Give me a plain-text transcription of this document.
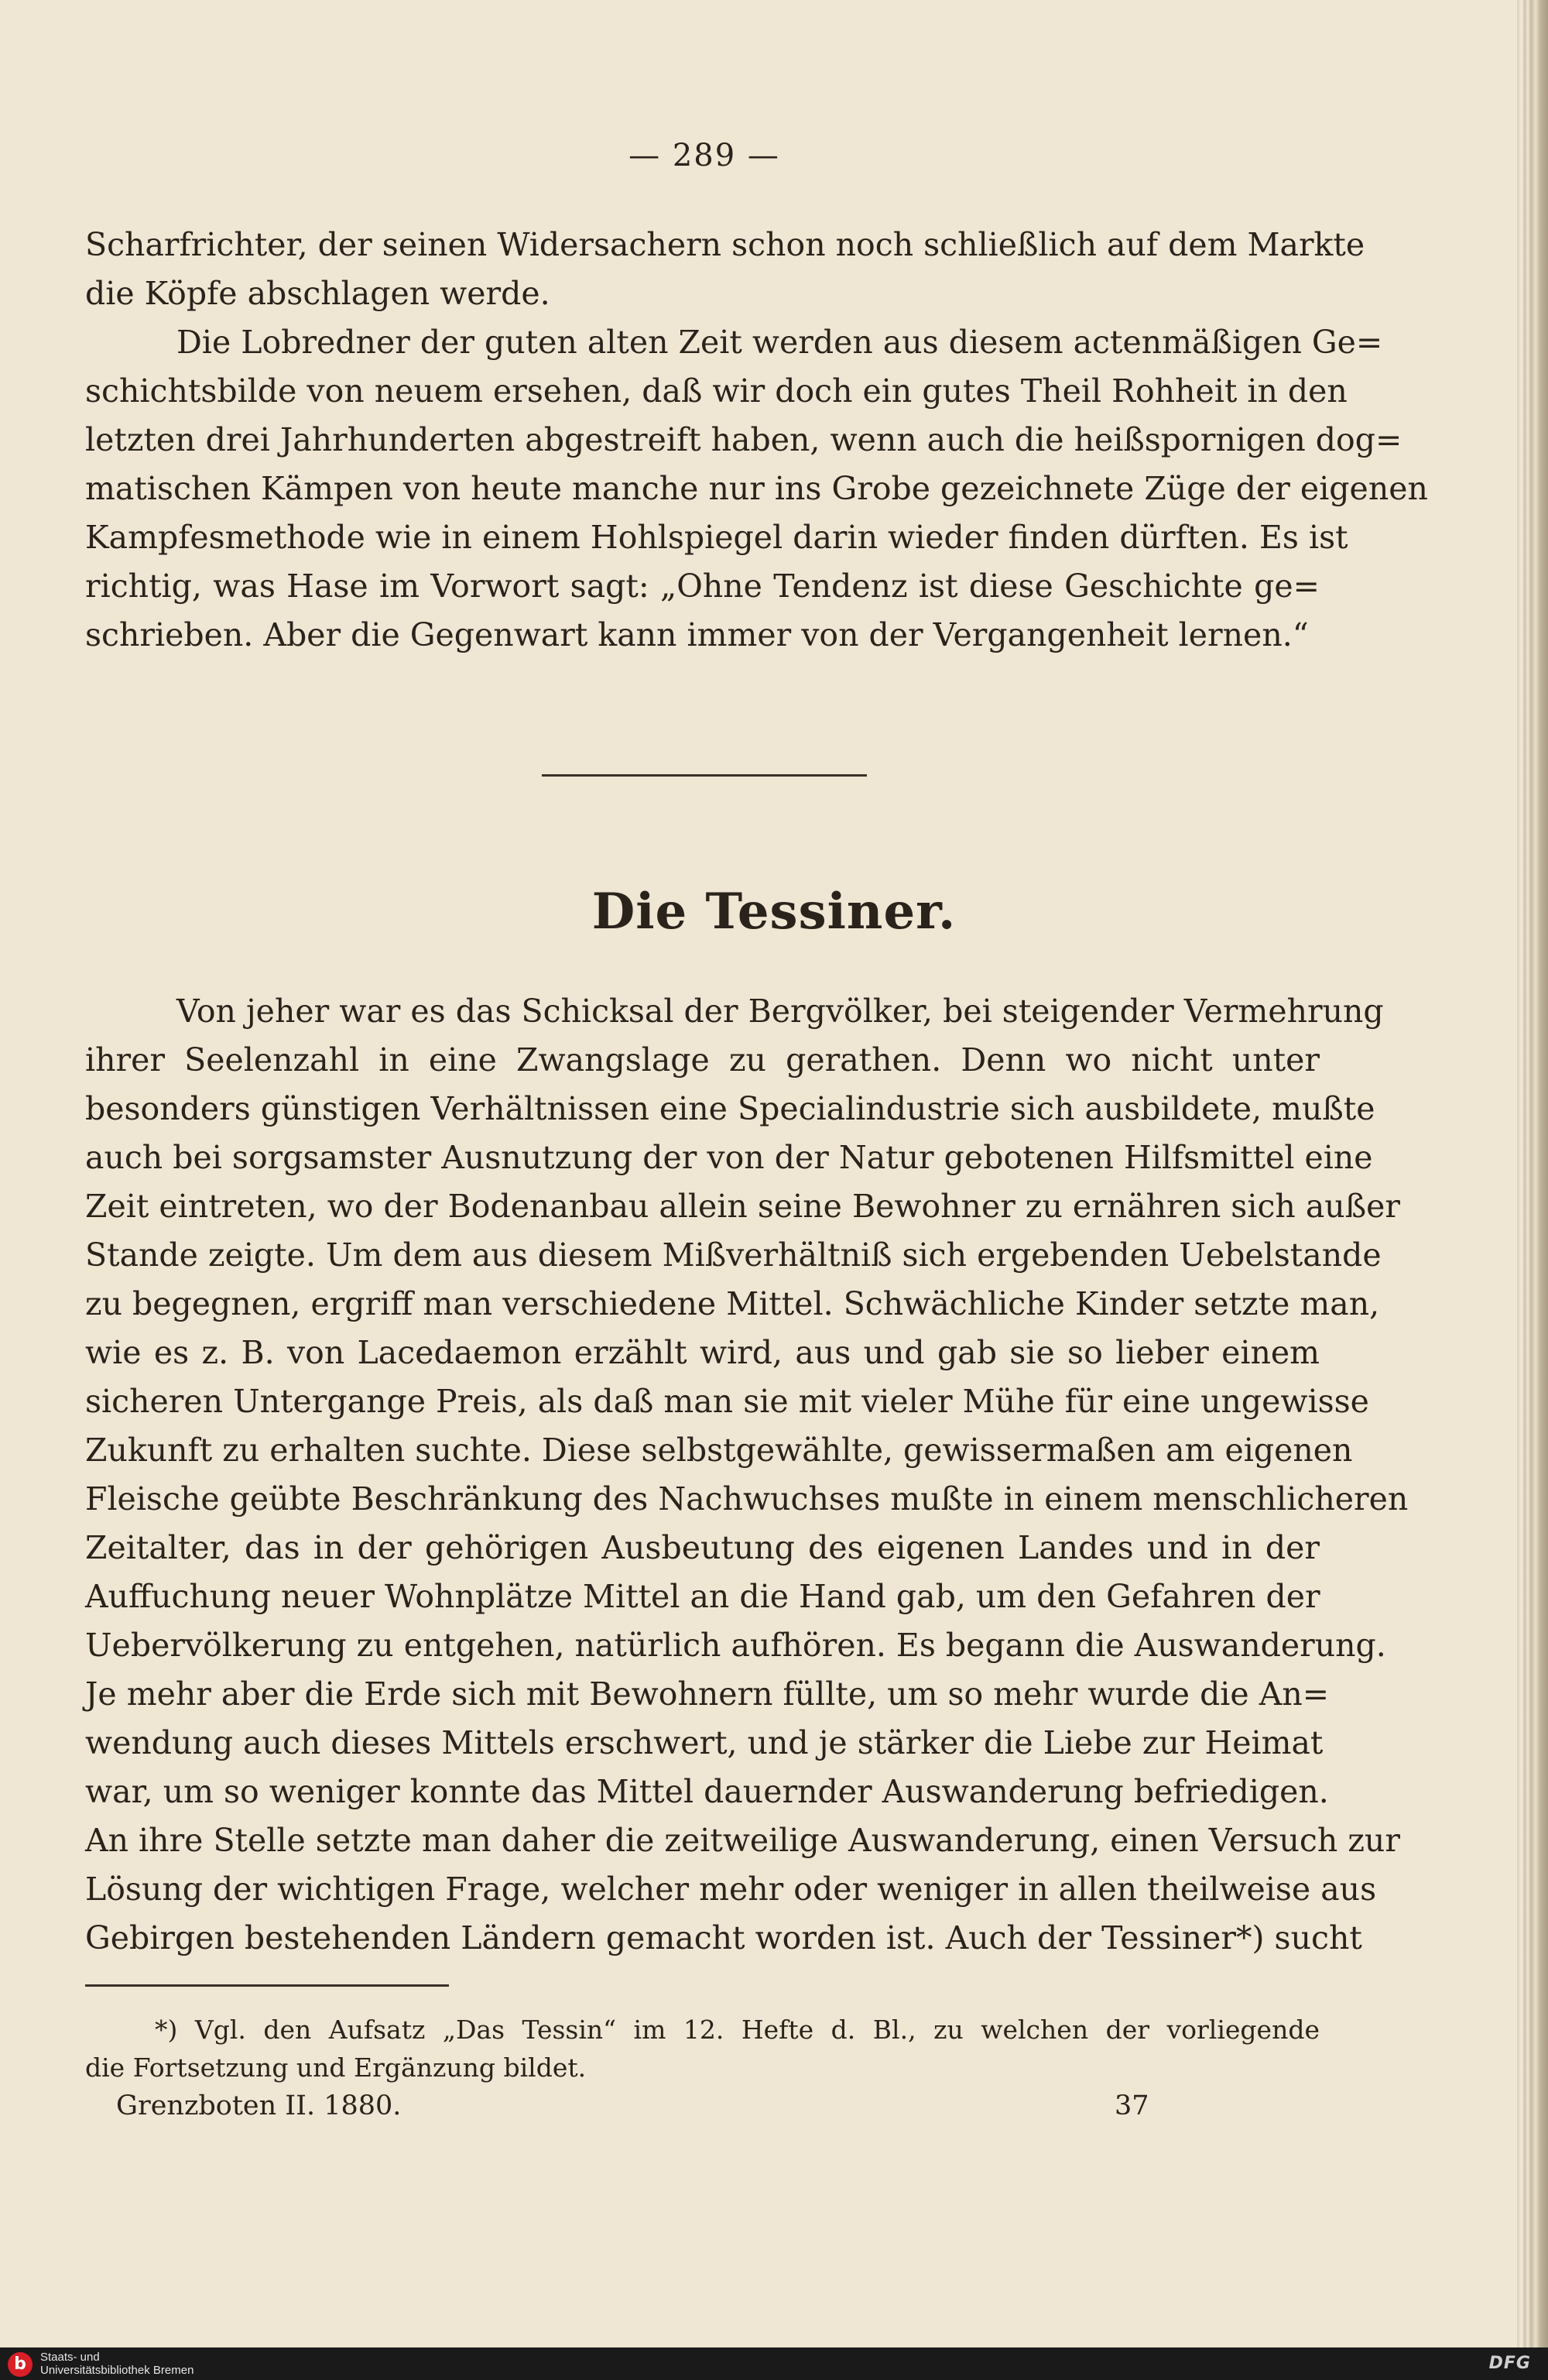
— 289 —
Scharfrichter, der seinen Widersachern schon noch schließlich auf dem Markte
die Köpfe abschlagen werde.
Die Lobredner der guten alten Zeit werden aus diesem actenmäßigen Ge=
schichtsbilde von neuem ersehen, daß wir doch ein gutes Theil Rohheit in den
letzten drei Jahrhunderten abgestreift haben, wenn auch die heißspornigen dog=
matischen Kämpen von heute manche nur ins Grobe gezeichnete Züge der eigenen
Kampfesmethode wie in einem Hohlspiegel darin wieder finden dürften. Es ist
richtig, was Hase im Vorwort sagt: „Ohne Tendenz ist diese Geschichte ge=
schrieben. Aber die Gegenwart kann immer von der Vergangenheit lernen.“
Die Tessiner.
Von jeher war es das Schicksal der Bergvölker, bei steigender Vermehrung
ihrer Seelenzahl in eine Zwangslage zu gerathen. Denn wo nicht unter
besonders günstigen Verhältnissen eine Specialindustrie sich ausbildete, mußte
auch bei sorgsamster Ausnutzung der von der Natur gebotenen Hilfsmittel eine
Zeit eintreten, wo der Bodenanbau allein seine Bewohner zu ernähren sich außer
Stande zeigte. Um dem aus diesem Mißverhältniß sich ergebenden Uebelstande
zu begegnen, ergriff man verschiedene Mittel. Schwächliche Kinder setzte man,
wie es z. B. von Lacedaemon erzählt wird, aus und gab sie so lieber einem
sicheren Untergange Preis, als daß man sie mit vieler Mühe für eine ungewisse
Zukunft zu erhalten suchte. Diese selbstgewählte, gewissermaßen am eigenen
Fleische geübte Beschränkung des Nachwuchses mußte in einem menschlicheren
Zeitalter, das in der gehörigen Ausbeutung des eigenen Landes und in der
Auffuchung neuer Wohnplätze Mittel an die Hand gab, um den Gefahren der
Uebervölkerung zu entgehen, natürlich aufhören. Es begann die Auswanderung.
Je mehr aber die Erde sich mit Bewohnern füllte, um so mehr wurde die An=
wendung auch dieses Mittels erschwert, und je stärker die Liebe zur Heimat
war, um so weniger konnte das Mittel dauernder Auswanderung befriedigen.
An ihre Stelle setzte man daher die zeitweilige Auswanderung, einen Versuch zur
Lösung der wichtigen Frage, welcher mehr oder weniger in allen theilweise aus
Gebirgen bestehenden Ländern gemacht worden ist. Auch der Tessiner*) sucht
*) Vgl. den Aufsatz „Das Tessin“ im 12. Hefte d. Bl., zu welchen der vorliegende
die Fortsetzung und Ergänzung bildet.
Grenzboten II. 1880.	37
b	Staats- und
Universitätsbibliothek Bremen	DFG
